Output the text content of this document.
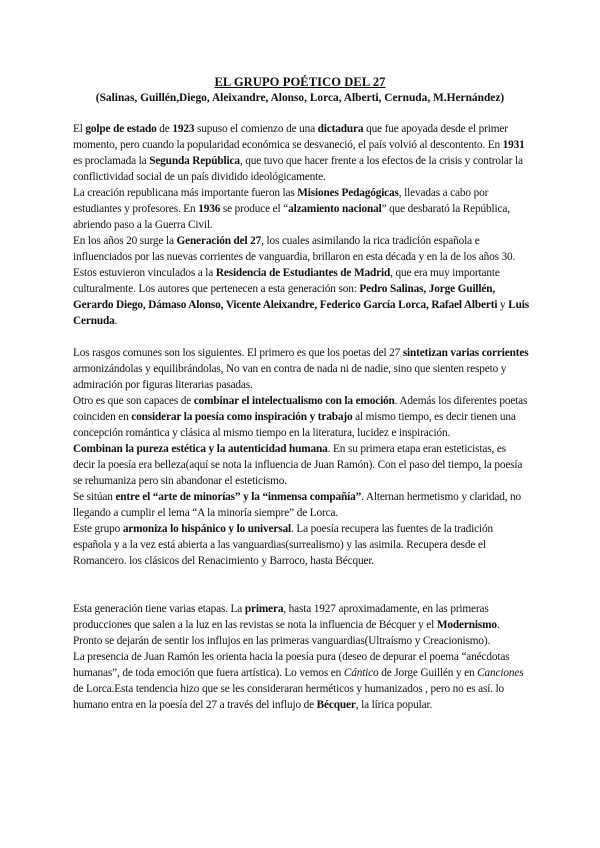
EL GRUPO POÉTICO DEL 27
(Salinas, Guillén,Diego, Aleixandre, Alonso, Lorca, Alberti, Cernuda, M.Hernández)

El golpe de estado de 1923 supuso el comienzo de una dictadura que fue apoyada desde el primer momento, pero cuando la popularidad económica se desvaneció, el país volvió al descontento. En 1931 es proclamada la Segunda República, que tuvo que hacer frente a los efectos de la crisis y controlar la conflictividad social de un país dividido ideológicamente.

La creación republicana más importante fueron las Misiones Pedagógicas, llevadas a cabo por estudiantes y profesores. En 1936 se produce el “alzamiento nacional” que desbarató la República, abriendo paso a la Guerra Civil.

En los años 20 surge la Generación del 27, los cuales asimilando la rica tradición española e influenciados por las nuevas corrientes de vanguardia, brillaron en esta década y en la de los años 30. Estos estuvieron vinculados a la Residencia de Estudiantes de Madrid, que era muy importante culturalmente. Los autores que pertenecen a esta generación son: Pedro Salinas, Jorge Guillén, Gerardo Diego, Dámaso Alonso, Vicente Aleixandre, Federico García Lorca, Rafael Alberti y Luis Cernuda.

Los rasgos comunes son los siguientes. El primero es que los poetas del 27 sintetizan varias corrientes armonizándolas y equilibrándolas, No van en contra de nada ni de nadie, sino que sienten respeto y admiración por figuras literarias pasadas.

Otro es que son capaces de combinar el intelectualismo con la emoción. Además los diferentes poetas coinciden en considerar la poesía como inspiración y trabajo al mismo tiempo, es decir tienen una concepción romántica y clásica al mismo tiempo en la literatura, lucidez e inspiración.

Combinan la pureza estética y la autenticidad humana. En su primera etapa eran esteticistas, es decir la poesía era belleza(aquí se nota la influencia de Juan Ramón). Con el paso del tiempo, la poesía se rehumaniza pero sin abandonar el esteticismo.

Se sitúan entre el “arte de minorías” y la “inmensa compañía”. Alternan hermetismo y claridad, no llegando a cumplir el lema “A la minoría siempre” de Lorca.

Este grupo armoniza lo hispánico y lo universal. La poesía recupera las fuentes de la tradición española y a la vez está abierta a las vanguardias(surrealismo) y las asimila. Recupera desde el Romancero. los clásicos del Renacimiento y Barroco, hasta Bécquer.

Esta generación tiene varias etapas. La primera, hasta 1927 aproximadamente, en las primeras producciones que salen a la luz en las revistas se nota la influencia de Bécquer y el Modernismo. Pronto se dejarán de sentir los influjos en las primeras vanguardias(Ultraísmo y Creacionismo).

La presencia de Juan Ramón les orienta hacia la poesía pura (deseo de depurar el poema “anécdotas humanas”, de toda emoción que fuera artística). Lo vemos en Cántico de Jorge Guillén y en Canciones de Lorca.Esta tendencia hizo que se les consideraran herméticos y humanizados , pero no es así. lo humano entra en la poesía del 27 a través del influjo de Bécquer, la lírica popular.
